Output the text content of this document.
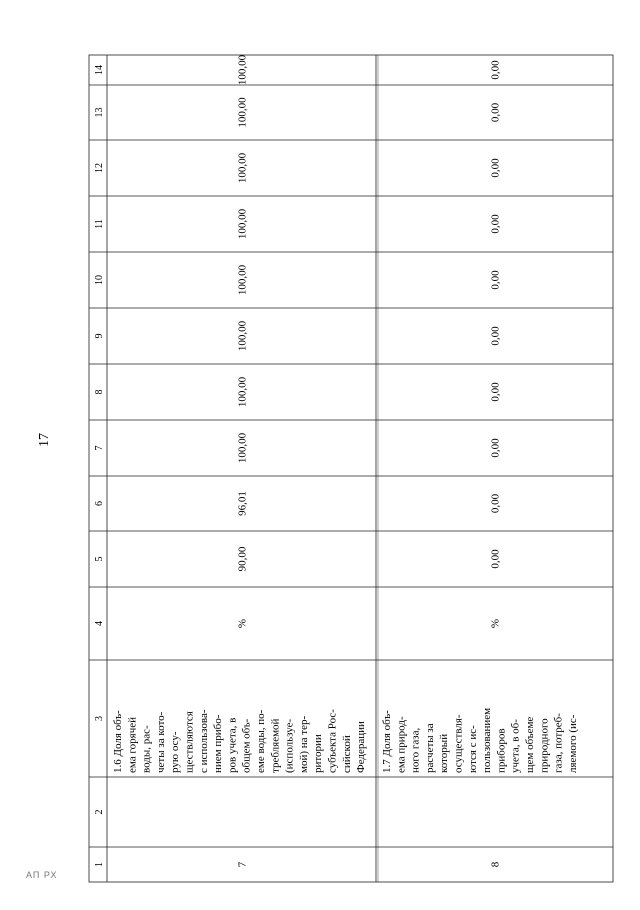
1
2
3
4
5
6
7
8
9
10
11
12
13
14
7
1.6 Доля объ- ема горячей воды, рас- четы за кото- рую осу- ществляются с использова- нием прибо- ров учета, в общем объ- еме воды, по- требляемой (используе- мой) на тер- ритории субъекта Рос- сийской Федерации
%
90,00
96,01
100,00
100,00
100,00
100,00
100,00
100,00
100,00
100,00
8
1.7 Доля объ- ема природ- ного газа, расчеты за который осуществля- ются с ис- пользованием приборов учета, в об- щем объеме природного газа, потреб- ляемого (ис-
%
0,00
0,00
0,00
0,00
0,00
0,00
0,00
0,00
0,00
0,00
17
АП РХ
